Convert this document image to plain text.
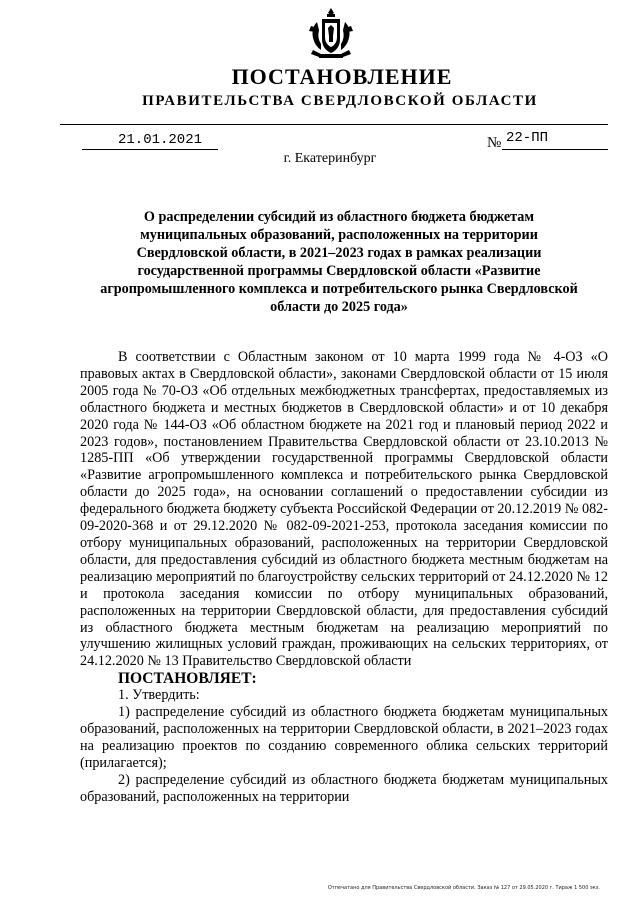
ПОСТАНОВЛЕНИЕ
ПРАВИТЕЛЬСТВА СВЕРДЛОВСКОЙ ОБЛАСТИ
21.01.2021	№ 22-ПП
г. Екатеринбург
О распределении субсидий из областного бюджета бюджетам муниципальных образований, расположенных на территории Свердловской области, в 2021–2023 годах в рамках реализации государственной программы Свердловской области «Развитие агропромышленного комплекса и потребительского рынка Свердловской области до 2025 года»

В соответствии с Областным законом от 10 марта 1999 года № 4-ОЗ «О правовых актах в Свердловской области», законами Свердловской области от 15 июля 2005 года № 70-ОЗ «Об отдельных межбюджетных трансфертах, предоставляемых из областного бюджета и местных бюджетов в Свердловской области» и от 10 декабря 2020 года № 144-ОЗ «Об областном бюджете на 2021 год и плановый период 2022 и 2023 годов», постановлением Правительства Свердловской области от 23.10.2013 № 1285-ПП «Об утверждении государственной программы Свердловской области «Развитие агропромышленного комплекса и потребительского рынка Свердловской области до 2025 года», на основании соглашений о предоставлении субсидии из федерального бюджета бюджету субъекта Российской Федерации от 20.12.2019 № 082-09-2020-368 и от 29.12.2020 № 082-09-2021-253, протокола заседания комиссии по отбору муниципальных образований, расположенных на территории Свердловской области, для предоставления субсидий из областного бюджета местным бюджетам на реализацию мероприятий по благоустройству сельских территорий от 24.12.2020 № 12 и протокола заседания комиссии по отбору муниципальных образований, расположенных на территории Свердловской области, для предоставления субсидий из областного бюджета местным бюджетам на реализацию мероприятий по улучшению жилищных условий граждан, проживающих на сельских территориях, от 24.12.2020 № 13 Правительство Свердловской области

ПОСТАНОВЛЯЕТ:

1. Утвердить:

1) распределение субсидий из областного бюджета бюджетам муниципальных образований, расположенных на территории Свердловской области, в 2021–2023 годах на реализацию проектов по созданию современного облика сельских территорий (прилагается);

2) распределение субсидий из областного бюджета бюджетам муниципальных образований, расположенных на территории

Отпечатано для Правительства Свердловской области. Заказ № 127 от 29.05.2020 г. Тираж 1 500 экз.
